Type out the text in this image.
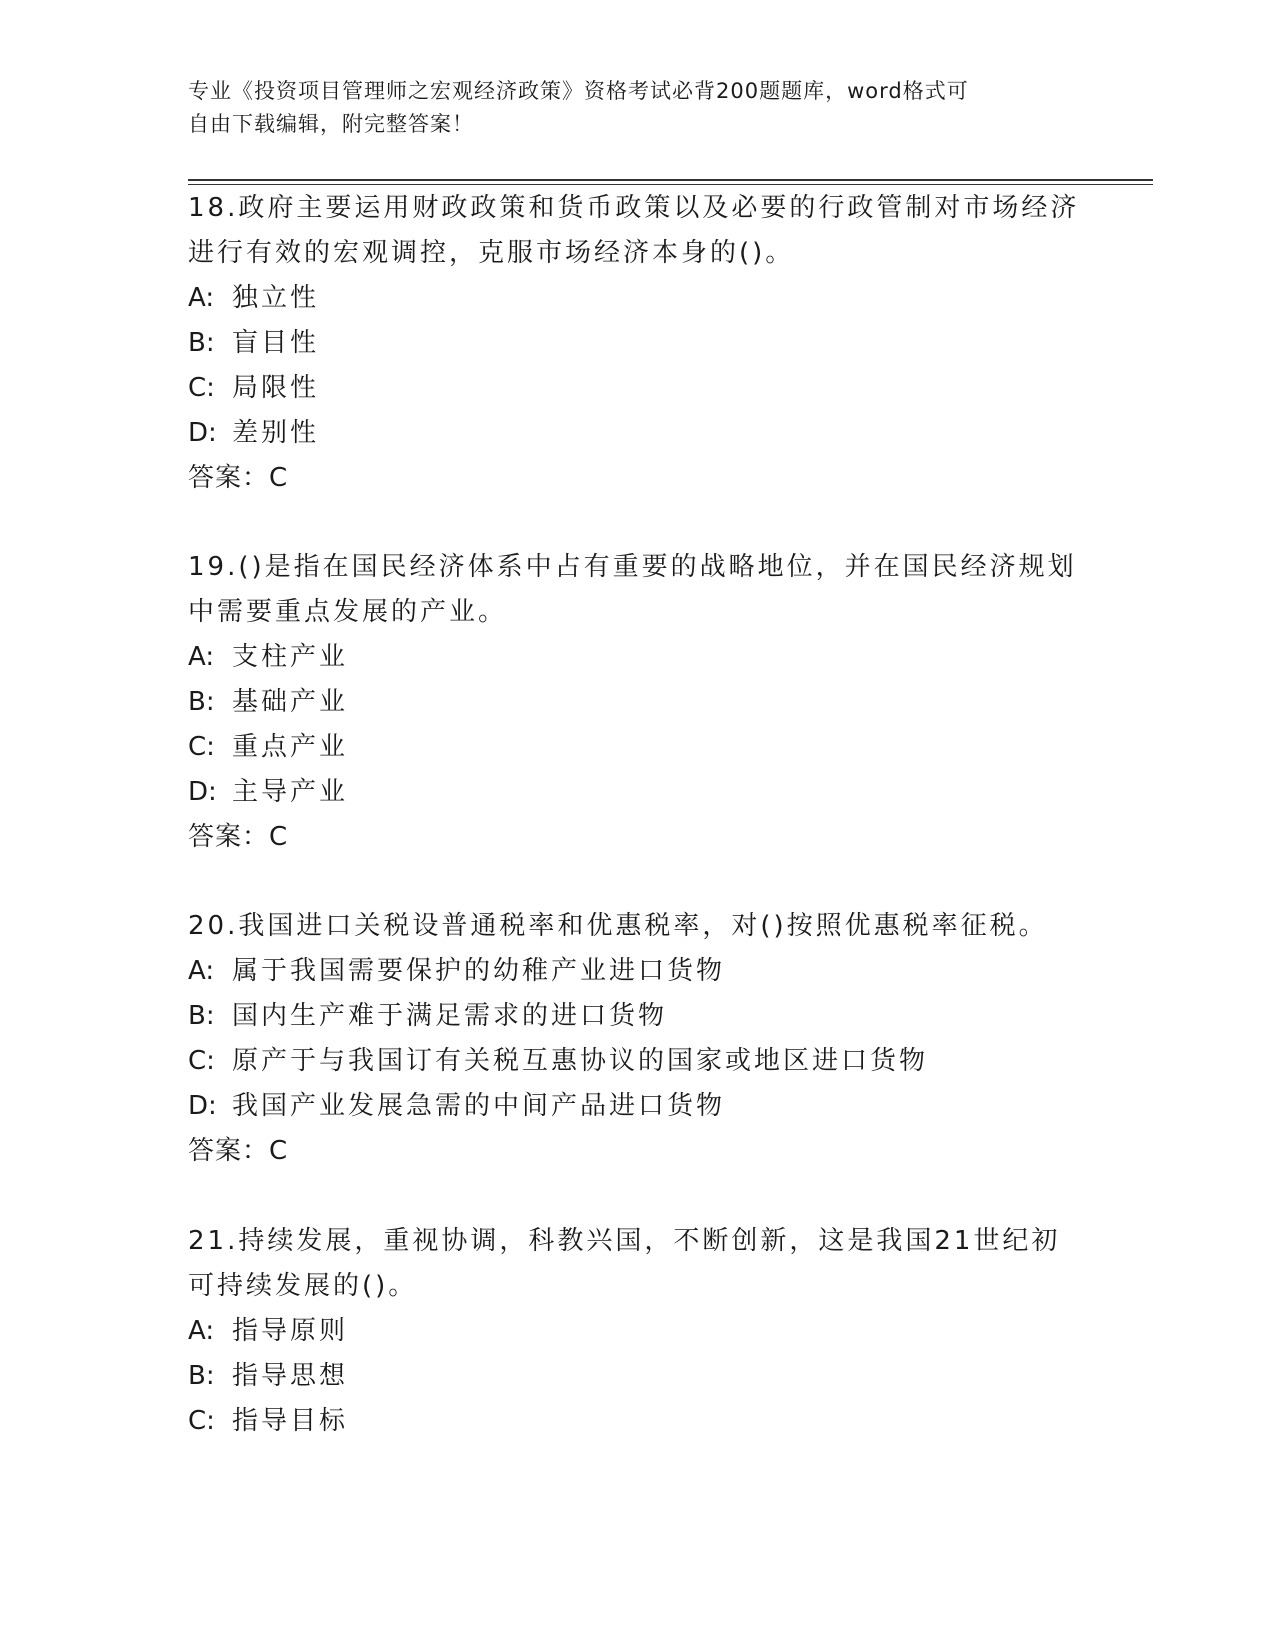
专业《投资项目管理师之宏观经济政策》资格考试必背200题题库，word格式可
自由下载编辑，附完整答案！
18.政府主要运用财政政策和货币政策以及必要的行政管制对市场经济
进行有效的宏观调控，克服市场经济本身的()。
A: 独立性
B: 盲目性
C: 局限性
D: 差别性
答案：C
19.()是指在国民经济体系中占有重要的战略地位，并在国民经济规划
中需要重点发展的产业。
A: 支柱产业
B: 基础产业
C: 重点产业
D: 主导产业
答案：C
20.我国进口关税设普通税率和优惠税率，对()按照优惠税率征税。
A: 属于我国需要保护的幼稚产业进口货物
B: 国内生产难于满足需求的进口货物
C: 原产于与我国订有关税互惠协议的国家或地区进口货物
D: 我国产业发展急需的中间产品进口货物
答案：C
21.持续发展，重视协调，科教兴国，不断创新，这是我国21世纪初
可持续发展的()。
A: 指导原则
B: 指导思想
C: 指导目标
